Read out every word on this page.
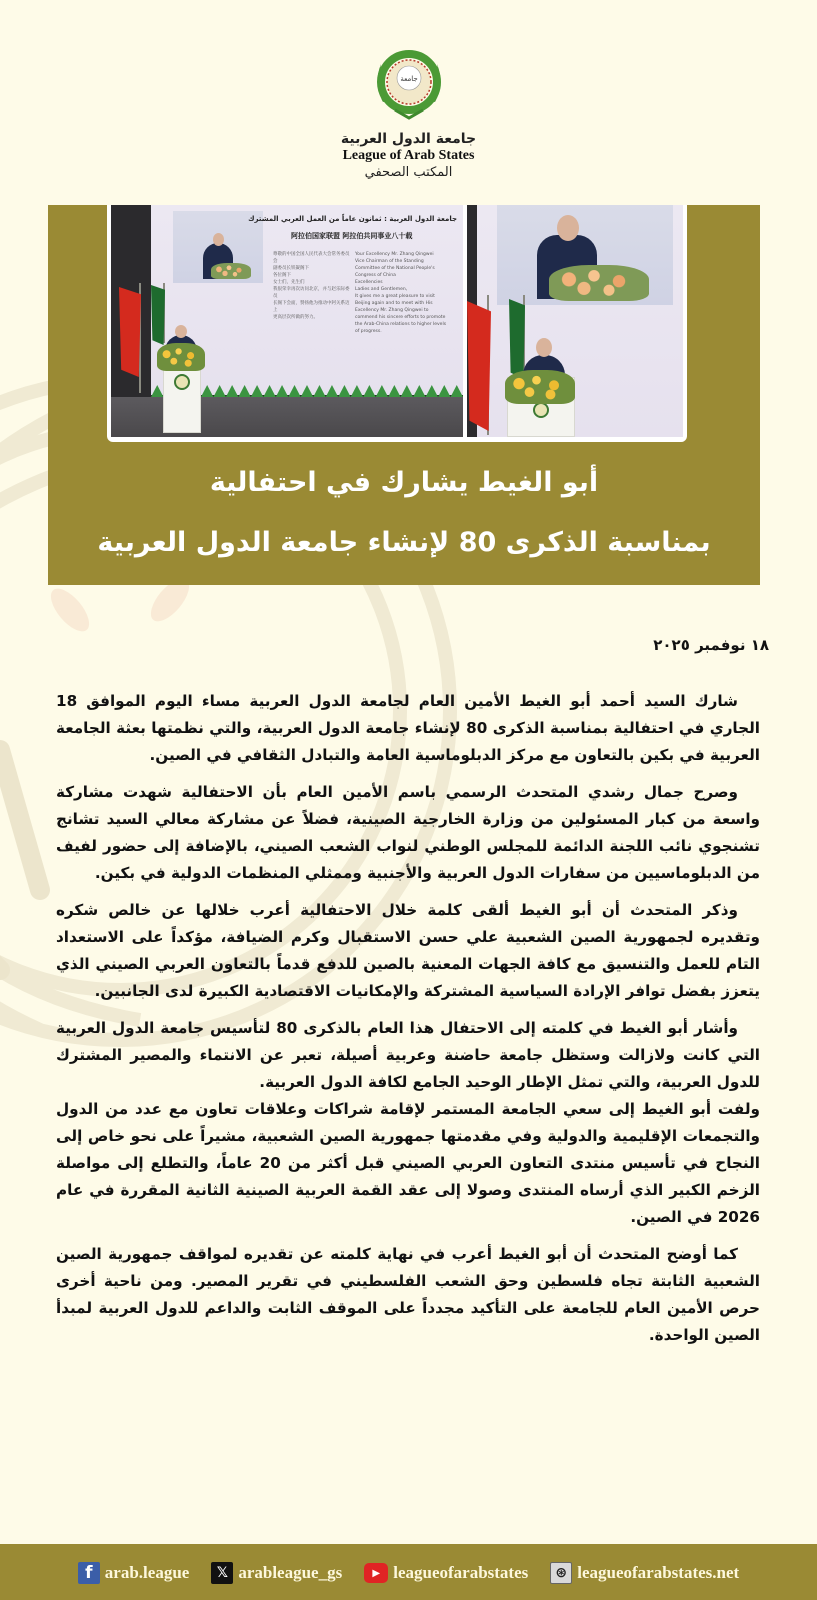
جامعة
جامعة الدول العربية
League of Arab States
المكتب الصحفي
جامعة الدول العربية : ثمانون عاماً من العمل العربي المشترك
阿拉伯国家联盟 阿拉伯共同事业八十载
尊敬的中国全国人民代表大会常务委员会
副委员长铁凝阁下
各位阁下
女士们，先生们
我很荣幸再次访问北京，并与赵乐际委员
长阁下会面，赞扬他为推动中阿关系迈上
更高层次所做的努力。
Your Excellency Mr. Zhang Qingwei
Vice Chairman of the Standing
Committee of the National People's
Congress of China
Excellencies
Ladies and Gentlemen,
It gives me a great pleasure to visit
Beijing again and to meet with His
Excellency Mr. Zhang Qingwei to
commend his sincere efforts to promote
the Arab-China relations to higher levels
of progress.
أبو الغيط يشارك في احتفالية
بمناسبة الذكرى 80 لإنشاء جامعة الدول العربية
١٨ نوفمبر ٢٠٢٥

شارك السيد أحمد أبو الغيط الأمين العام لجامعة الدول العربية مساء اليوم الموافق 18 الجاري في احتفالية بمناسبة الذكرى 80 لإنشاء جامعة الدول العربية، والتي نظمتها بعثة الجامعة العربية في بكين بالتعاون مع مركز الدبلوماسية العامة والتبادل الثقافي في الصين.

وصرح جمال رشدي المتحدث الرسمي باسم الأمين العام بأن الاحتفالية شهدت مشاركة واسعة من كبار المسئولين من وزارة الخارجية الصينية، فضلاً عن مشاركة معالي السيد تشانج تشنجوي نائب اللجنة الدائمة للمجلس الوطني لنواب الشعب الصيني، بالإضافة إلى حضور لفيف من الدبلوماسيين من سفارات الدول العربية والأجنبية وممثلي المنظمات الدولية في بكين.

وذكر المتحدث أن أبو الغيط ألقى كلمة خلال الاحتفالية أعرب خلالها عن خالص شكره وتقديره لجمهورية الصين الشعبية علي حسن الاستقبال وكرم الضيافة، مؤكداً على الاستعداد التام للعمل والتنسيق مع كافة الجهات المعنية بالصين للدفع قدماً بالتعاون العربي الصيني الذي يتعزز بفضل توافر الإرادة السياسية المشتركة والإمكانيات الاقتصادية الكبيرة لدى الجانبين.

وأشار أبو الغيط في كلمته إلى الاحتفال هذا العام بالذكرى 80 لتأسيس جامعة الدول العربية التي كانت ولازالت وستظل جامعة حاضنة وعربية أصيلة، تعبر عن الانتماء والمصير المشترك للدول العربية، والتي تمثل الإطار الوحيد الجامع لكافة الدول العربية.

ولفت أبو الغيط إلى سعي الجامعة المستمر لإقامة شراكات وعلاقات تعاون مع عدد من الدول والتجمعات الإقليمية والدولية وفي مقدمتها جمهورية الصين الشعبية، مشيراً على نحو خاص إلى النجاح في تأسيس منتدى التعاون العربي الصيني قبل أكثر من 20 عاماً، والتطلع إلى مواصلة الزخم الكبير الذي أرساه المنتدى وصولا إلى عقد القمة العربية الصينية الثانية المقررة في عام 2026 في الصين.

كما أوضح المتحدث أن أبو الغيط أعرب في نهاية كلمته عن تقديره لمواقف جمهورية الصين الشعبية الثابتة تجاه فلسطين وحق الشعب الفلسطيني في تقرير المصير. ومن ناحية أخرى حرص الأمين العام للجامعة على التأكيد مجدداً على الموقف الثابت والداعم للدول العربية لمبدأ الصين الواحدة.

f arab.league	𝕏 arableague_gs	▶ leagueofarabstates	⊛ leagueofarabstates.net
